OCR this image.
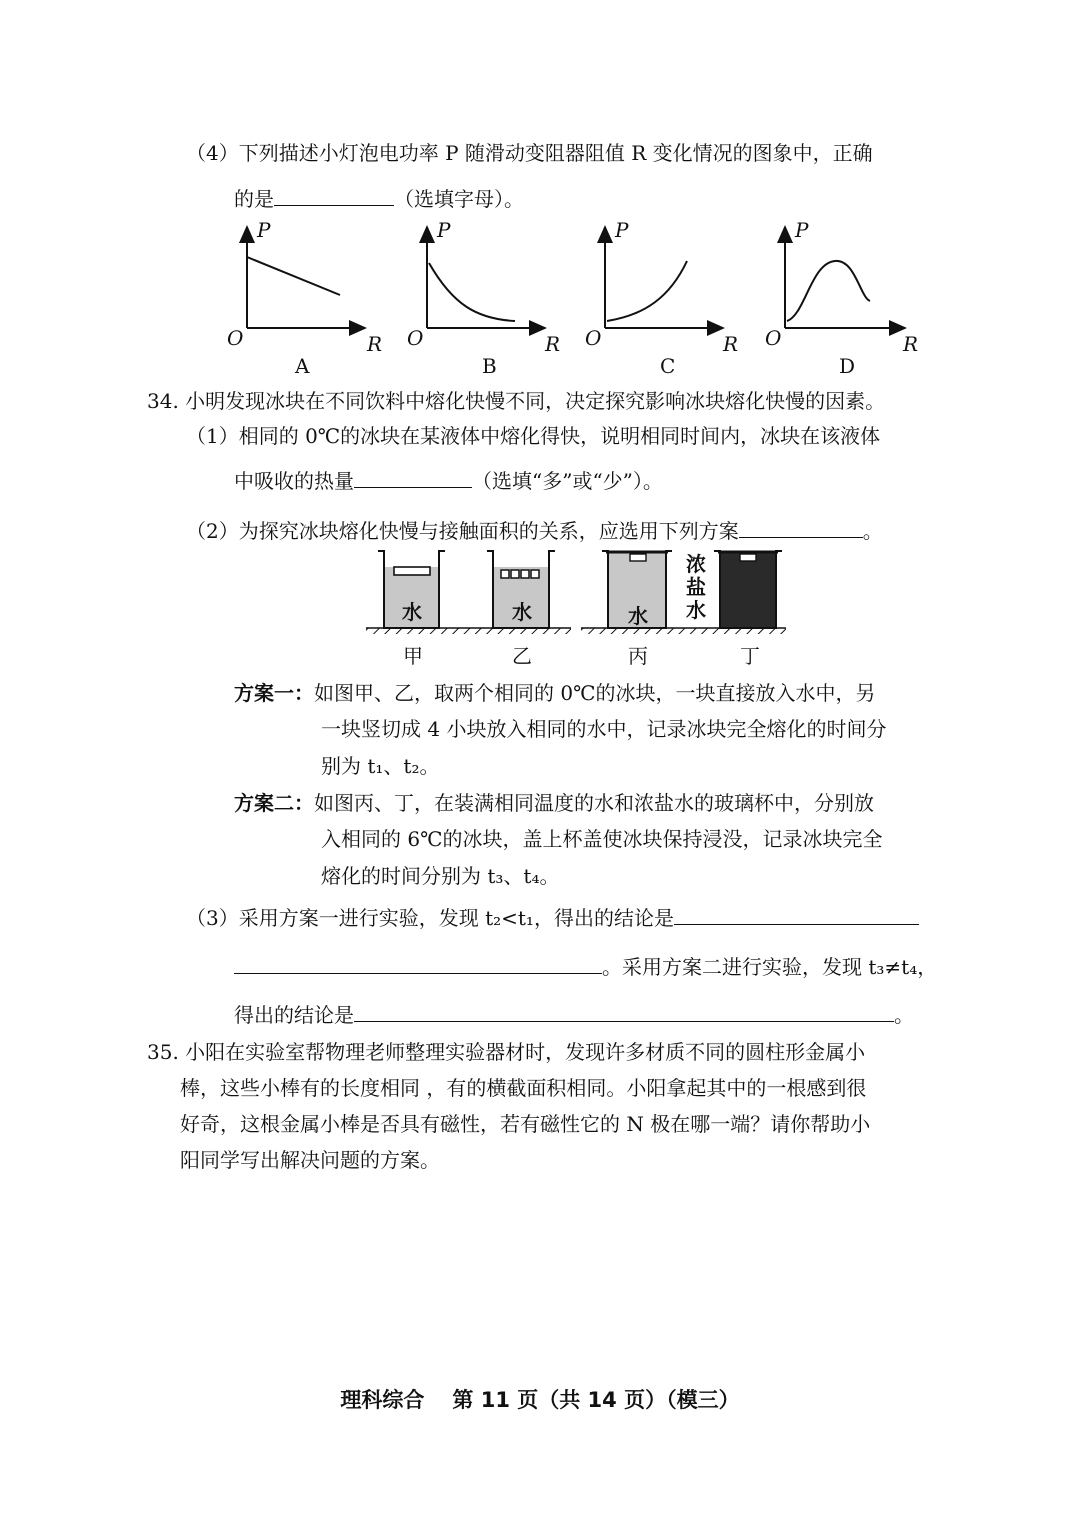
（4）下列描述小灯泡电功率 P 随滑动变阻器阻值 R 变化情况的图象中，正确
的是	（选填字母）。
P
O	R
A
P
O	R
B
P
O	R
C
P
O	R
D
34. 小明发现冰块在不同饮料中熔化快慢不同，决定探究影响冰块熔化快慢的因素。
（1）相同的 0℃的冰块在某液体中熔化得快，说明相同时间内，冰块在该液体
中吸收的热量	（选填“多”或“少”）。
（2）为探究冰块熔化快慢与接触面积的关系，应选用下列方案	。
水	水	水
浓
盐
水
甲	乙	丙	丁
方案一：如图甲、乙，取两个相同的 0℃的冰块，一块直接放入水中，另
一块竖切成 4 小块放入相同的水中，记录冰块完全熔化的时间分
别为 t₁、t₂。
方案二：如图丙、丁，在装满相同温度的水和浓盐水的玻璃杯中，分别放
入相同的 6℃的冰块，盖上杯盖使冰块保持浸没，记录冰块完全
熔化的时间分别为 t₃、t₄。
（3）采用方案一进行实验，发现 t₂<t₁，得出的结论是
。采用方案二进行实验，发现 t₃≠t₄，
得出的结论是	。
35. 小阳在实验室帮物理老师整理实验器材时，发现许多材质不同的圆柱形金属小
棒，这些小棒有的长度相同 ，有的横截面积相同。小阳拿起其中的一根感到很
好奇，这根金属小棒是否具有磁性，若有磁性它的 N 极在哪一端？请你帮助小
阳同学写出解决问题的方案。
理科综合 第 11 页（共 14 页）（模三）
